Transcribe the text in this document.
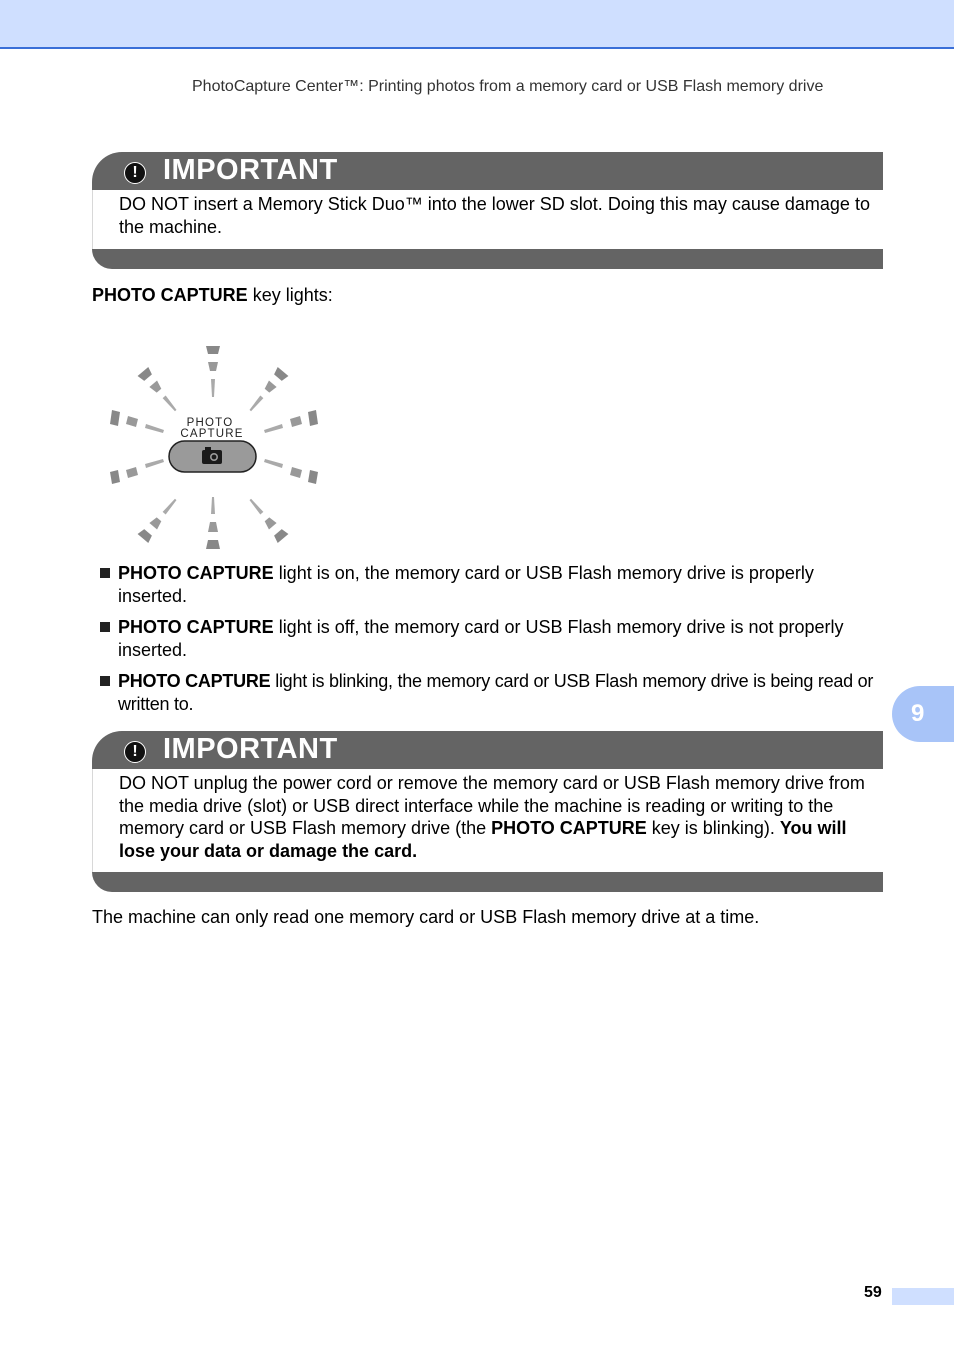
PhotoCapture Center™: Printing photos from a memory card or USB Flash memory drive
! IMPORTANT
DO NOT insert a Memory Stick Duo™ into the lower SD slot. Doing this may cause damage to the machine.
PHOTO CAPTURE key lights:
PHOTO
CAPTURE
PHOTO CAPTURE light is on, the memory card or USB Flash memory drive is properly inserted.
PHOTO CAPTURE light is off, the memory card or USB Flash memory drive is not properly inserted.
PHOTO CAPTURE light is blinking, the memory card or USB Flash memory drive is being read or written to.
! IMPORTANT
DO NOT unplug the power cord or remove the memory card or USB Flash memory drive from the media drive (slot) or USB direct interface while the machine is reading or writing to the memory card or USB Flash memory drive (the PHOTO CAPTURE key is blinking). You will lose your data or damage the card.
The machine can only read one memory card or USB Flash memory drive at a time.
9
59
